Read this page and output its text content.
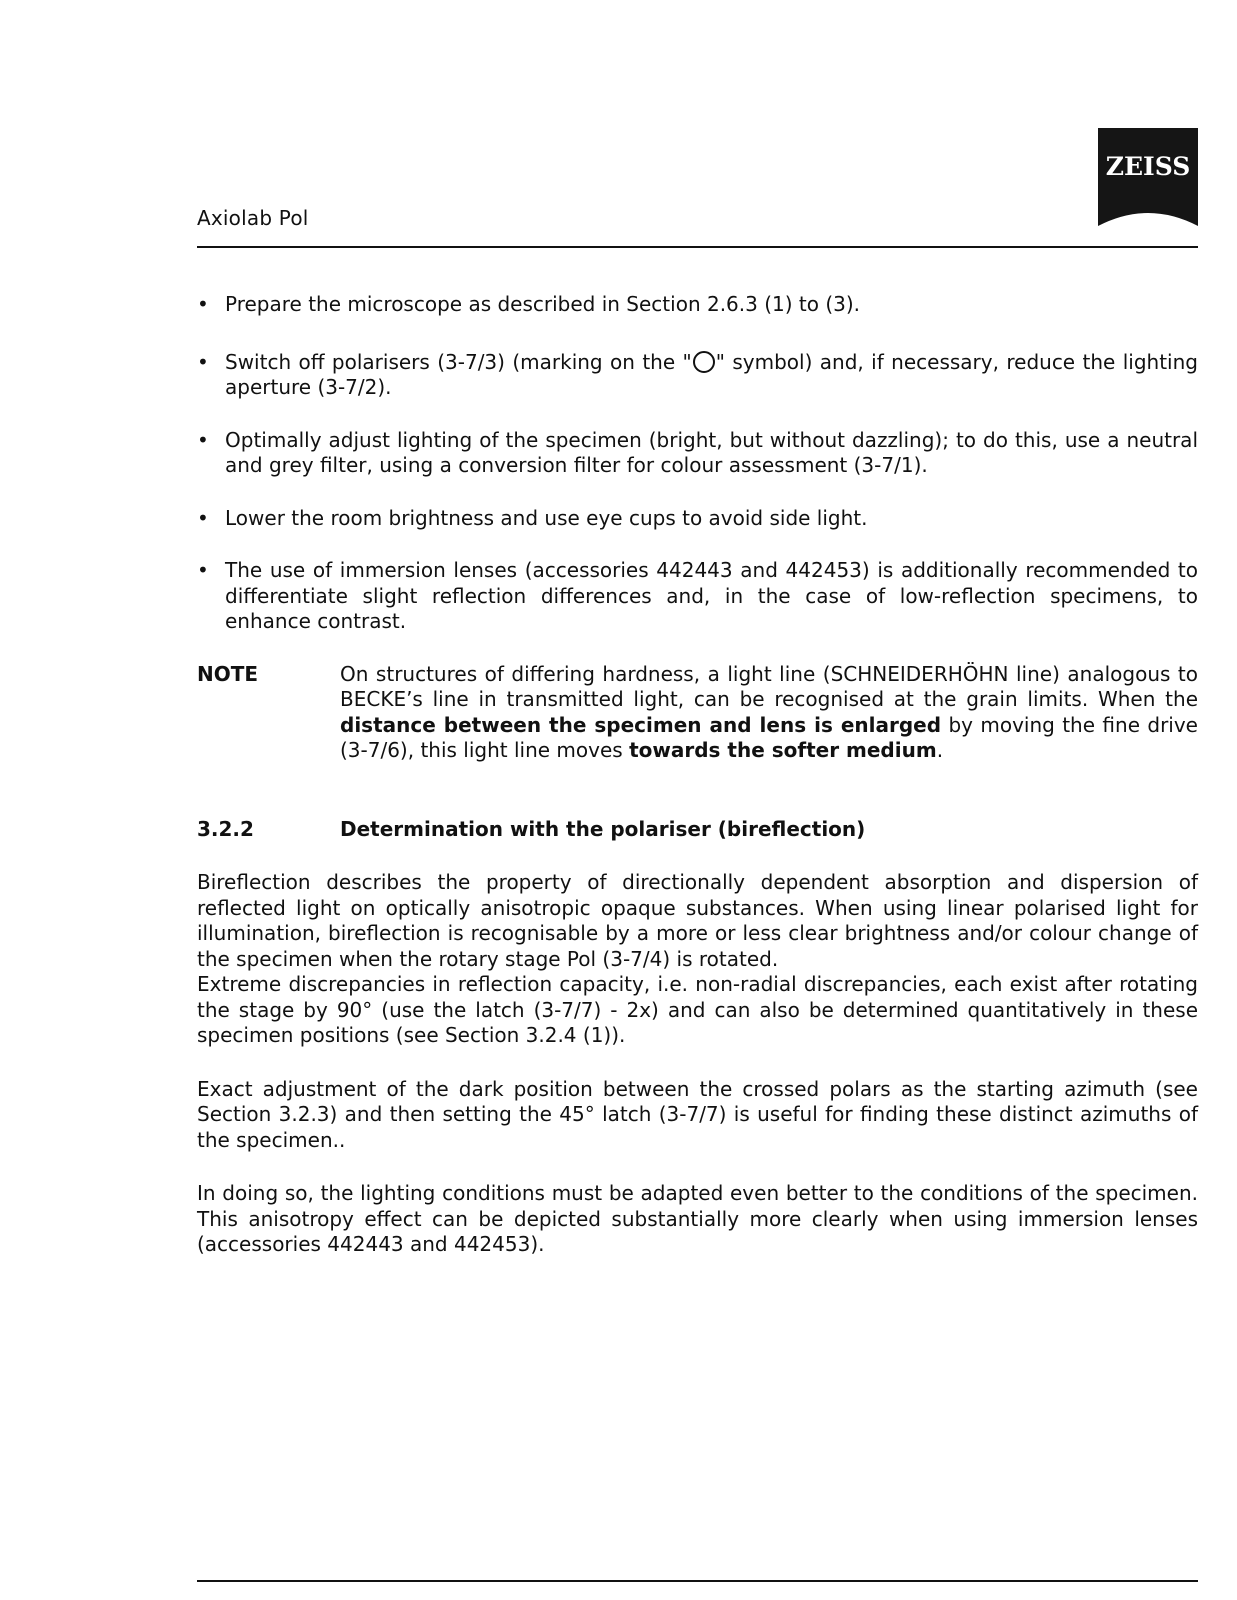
Axiolab Pol
ZEISS
• Prepare the microscope as described in Section 2.6.3 (1) to (3).
• Switch off polarisers (3-7/3) (marking on the " " symbol) and, if necessary, reduce the lighting aperture (3-7/2).
• Optimally adjust lighting of the specimen (bright, but without dazzling); to do this, use a neutral and grey filter, using a conversion filter for colour assessment (3-7/1).
• Lower the room brightness and use eye cups to avoid side light.
• The use of immersion lenses (accessories 442443 and 442453) is additionally recommended to differentiate slight reflection differences and, in the case of low-reflection specimens, to enhance contrast.
NOTE	On structures of differing hardness, a light line (SCHNEIDERHÖHN line) analogous to BECKE’s line in transmitted light, can be recognised at the grain limits. When the distance between the specimen and lens is enlarged by moving the fine drive (3-7/6), this light line moves towards the softer medium.
3.2.2	Determination with the polariser (bireflection)
Bireflection describes the property of directionally dependent absorption and dispersion of reflected light on optically anisotropic opaque substances. When using linear polarised light for illumination, bireflection is recognisable by a more or less clear brightness and/or colour change of the specimen when the rotary stage Pol (3-7/4) is rotated.
Extreme discrepancies in reflection capacity, i.e. non-radial discrepancies, each exist after rotating the stage by 90° (use the latch (3-7/7) - 2x) and can also be determined quantitatively in these specimen positions (see Section 3.2.4 (1)).
Exact adjustment of the dark position between the crossed polars as the starting azimuth (see Section 3.2.3) and then setting the 45° latch (3-7/7) is useful for finding these distinct azimuths of the specimen..
In doing so, the lighting conditions must be adapted even better to the conditions of the specimen. This anisotropy effect can be depicted substantially more clearly when using immersion lenses (accessories 442443 and 442453).
